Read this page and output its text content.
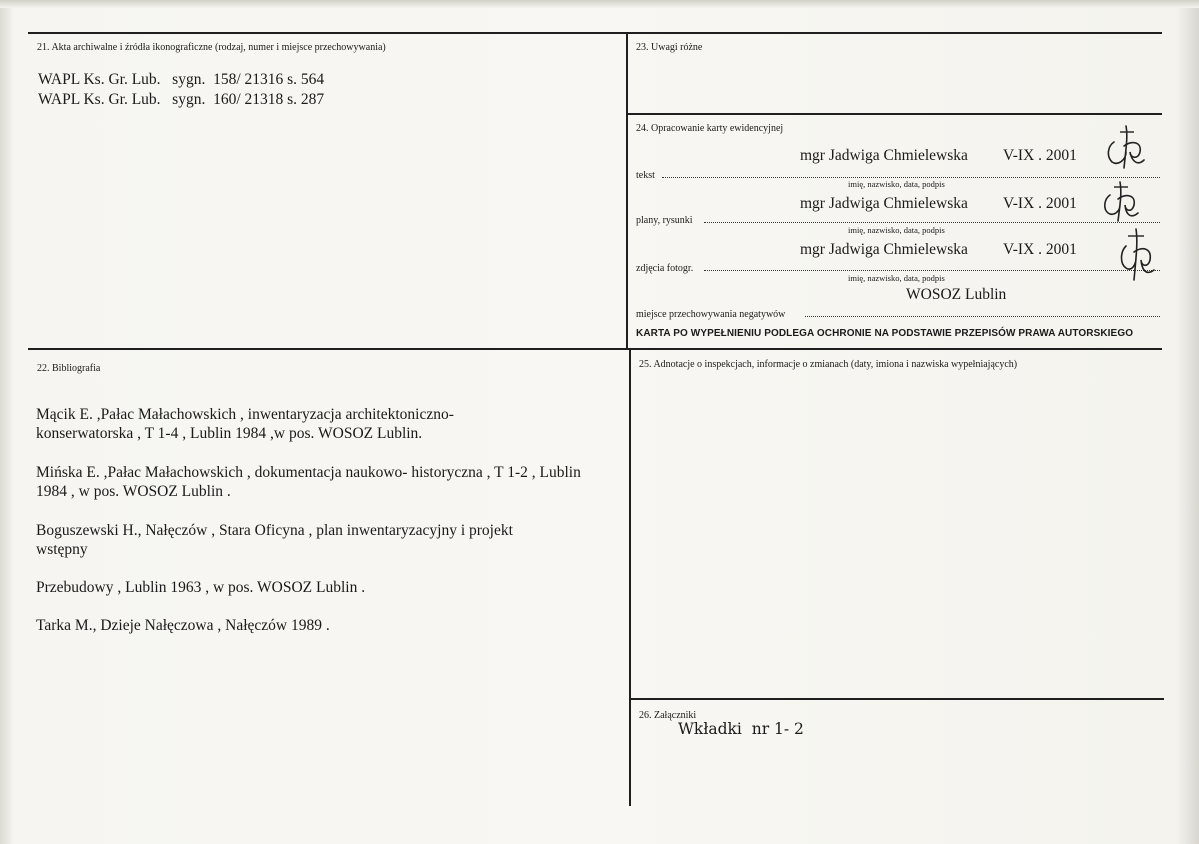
21. Akta archiwalne i źródła ikonograficzne (rodzaj, numer i miejsce przechowywania)
WAPL Ks. Gr. Lub.   sygn.  158/ 21316 s. 564
WAPL Ks. Gr. Lub.   sygn.  160/ 21318 s. 287
23. Uwagi różne
24. Opracowanie karty ewidencyjnej
mgr Jadwiga Chmielewska V-IX . 2001
tekst
imię, nazwisko, data, podpis
mgr Jadwiga Chmielewska V-IX . 2001
plany, rysunki
imię, nazwisko, data, podpis
mgr Jadwiga Chmielewska V-IX . 2001
zdjęcia fotogr.
imię, nazwisko, data, podpis
WOSOZ Lublin
miejsce przechowywania negatywów
KARTA PO WYPEŁNIENIU PODLEGA OCHRONIE NA PODSTAWIE PRZEPISÓW PRAWA AUTORSKIEGO
22. Bibliografia
Mącik E. ,Pałac Małachowskich , inwentaryzacja architektoniczno-konserwatorska , T 1-4 , Lublin 1984 ,w pos. WOSOZ Lublin.
Mińska E. ,Pałac Małachowskich , dokumentacja naukowo- historyczna , T 1-2 , Lublin 1984 , w pos. WOSOZ Lublin .
Boguszewski H., Nałęczów , Stara Oficyna , plan inwentaryzacyjny i projekt wstępny
Przebudowy , Lublin 1963 , w pos. WOSOZ Lublin .
Tarka M., Dzieje Nałęczowa , Nałęczów 1989 .
25. Adnotacje o inspekcjach, informacje o zmianach (daty, imiona i nazwiska wypełniających)
26. Załączniki
Wkładki  nr 1- 2
